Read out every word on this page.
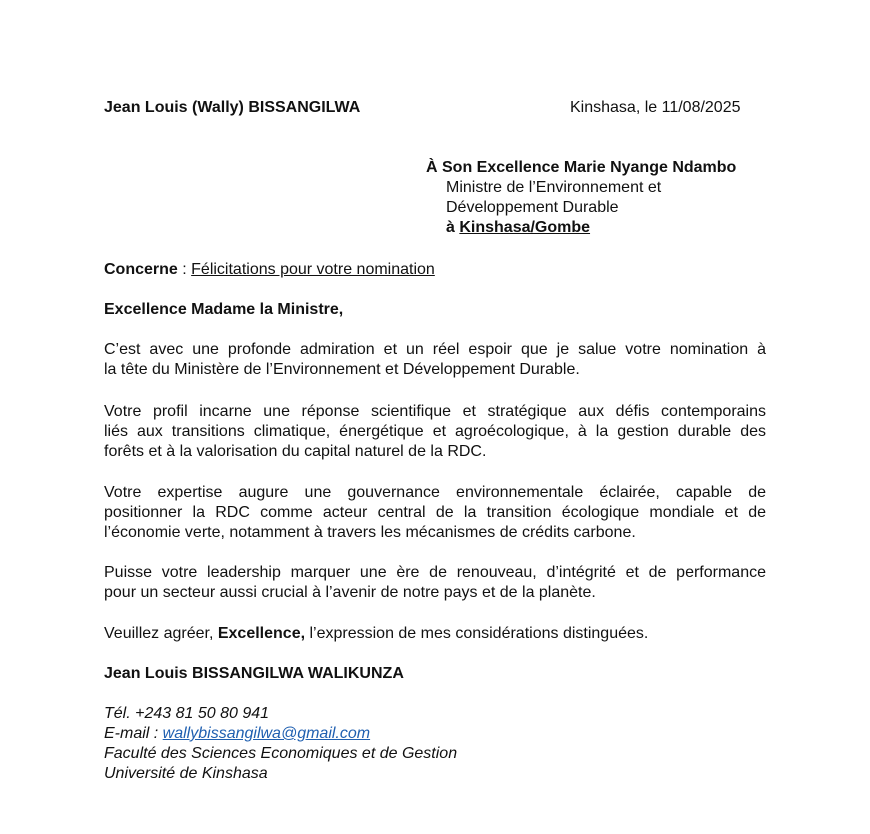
Jean Louis (Wally) BISSANGILWA	Kinshasa, le 11/08/2025
À Son Excellence Marie Nyange Ndambo
Ministre de l’Environnement et
Développement Durable
à Kinshasa/Gombe
Concerne : Félicitations pour votre nomination
Excellence Madame la Ministre,
C’est avec une profonde admiration et un réel espoir que je salue votre nomination à
la tête du Ministère de l’Environnement et Développement Durable.
Votre profil incarne une réponse scientifique et stratégique aux défis contemporains
liés aux transitions climatique, énergétique et agroécologique, à la gestion durable des
forêts et à la valorisation du capital naturel de la RDC.
Votre expertise augure une gouvernance environnementale éclairée, capable de
positionner la RDC comme acteur central de la transition écologique mondiale et de
l’économie verte, notamment à travers les mécanismes de crédits carbone.
Puisse votre leadership marquer une ère de renouveau, d’intégrité et de performance
pour un secteur aussi crucial à l’avenir de notre pays et de la planète.
Veuillez agréer, Excellence, l’expression de mes considérations distinguées.
Jean Louis BISSANGILWA WALIKUNZA
Tél. +243 81 50 80 941
E-mail : wallybissangilwa@gmail.com
Faculté des Sciences Economiques et de Gestion
Université de Kinshasa
